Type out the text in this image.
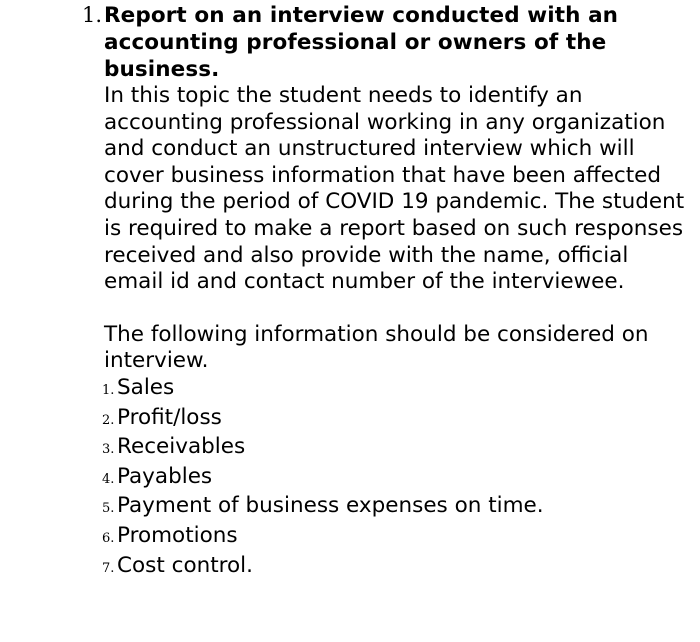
1. Report on an interview conducted with an accounting professional or owners of the business.

In this topic the student needs to identify an accounting professional working in any organization and conduct an unstructured interview which will cover business information that have been affected during the period of COVID 19 pandemic. The student is required to make a report based on such responses received and also provide with the name, official email id and contact number of the interviewee.

The following information should be considered on interview.

1. Sales
2. Profit/loss
3. Receivables
4. Payables
5. Payment of business expenses on time.
6. Promotions
7. Cost control.
